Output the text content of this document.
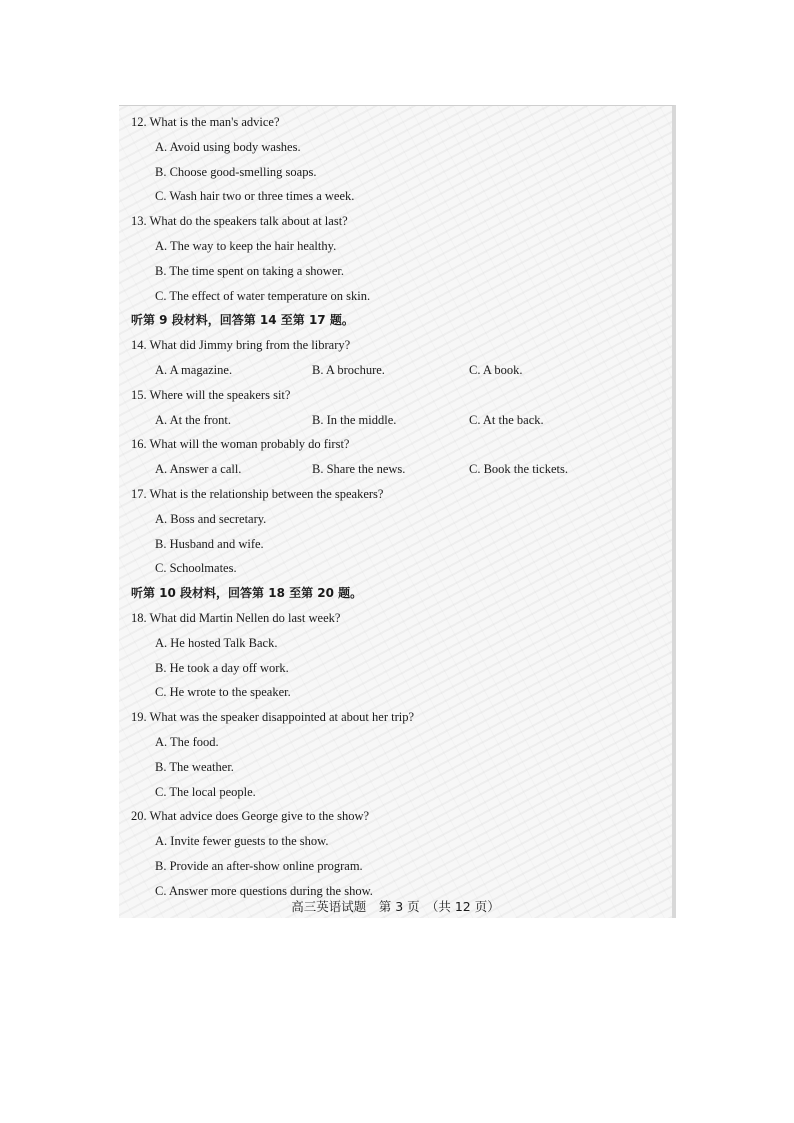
12. What is the man's advice?
A. Avoid using body washes.
B. Choose good-smelling soaps.
C. Wash hair two or three times a week.
13. What do the speakers talk about at last?
A. The way to keep the hair healthy.
B. The time spent on taking a shower.
C. The effect of water temperature on skin.
听第 9 段材料，回答第 14 至第 17 题。
14. What did Jimmy bring from the library?
A. A magazine.	B. A brochure.	C. A book.
15. Where will the speakers sit?
A. At the front.	B. In the middle.	C. At the back.
16. What will the woman probably do first?
A. Answer a call.	B. Share the news.	C. Book the tickets.
17. What is the relationship between the speakers?
A. Boss and secretary.
B. Husband and wife.
C. Schoolmates.
听第 10 段材料，回答第 18 至第 20 题。
18. What did Martin Nellen do last week?
A. He hosted Talk Back.
B. He took a day off work.
C. He wrote to the speaker.
19. What was the speaker disappointed at about her trip?
A. The food.
B. The weather.
C. The local people.
20. What advice does George give to the show?
A. Invite fewer guests to the show.
B. Provide an after-show online program.
C. Answer more questions during the show.
高三英语试题　第 3 页　（共 12 页）
